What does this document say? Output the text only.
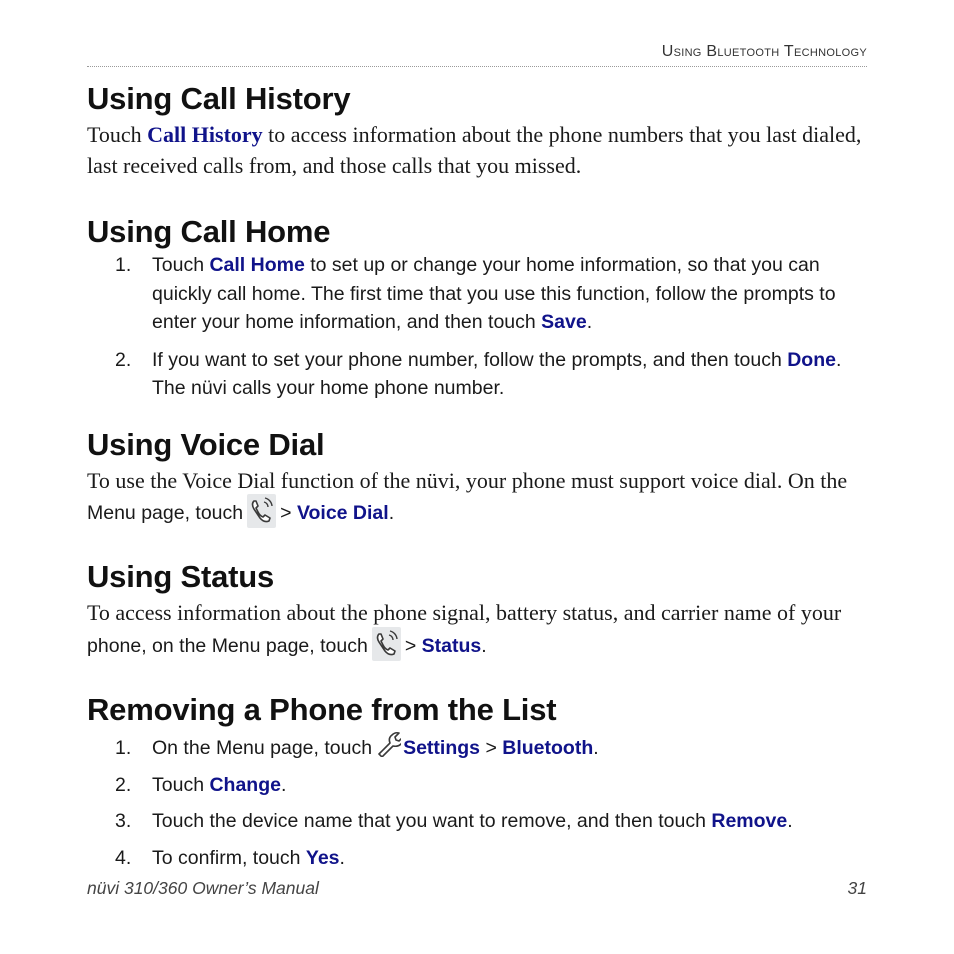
Using Bluetooth Technology
Using Call History

Touch Call History to access information about the phone numbers that you last dialed, last received calls from, and those calls that you missed.

Using Call Home
1. Touch Call Home to set up or change your home information, so that you can quickly call home. The first time that you use this function, follow the prompts to enter your home information, and then touch Save.
2. If you want to set your phone number, follow the prompts, and then touch Done. The nüvi calls your home phone number.
Using Voice Dial
To use the Voice Dial function of the nüvi, your phone must support voice dial. On the
Menu page, touch > Voice Dial.
Using Status
To access information about the phone signal, battery status, and carrier name of your
phone, on the Menu page, touch > Status.
Removing a Phone from the List
1. On the Menu page, touch Settings > Bluetooth.
2. Touch Change.
3. Touch the device name that you want to remove, and then touch Remove.
4. To confirm, touch Yes.
nüvi 310/360 Owner’s Manual	31
